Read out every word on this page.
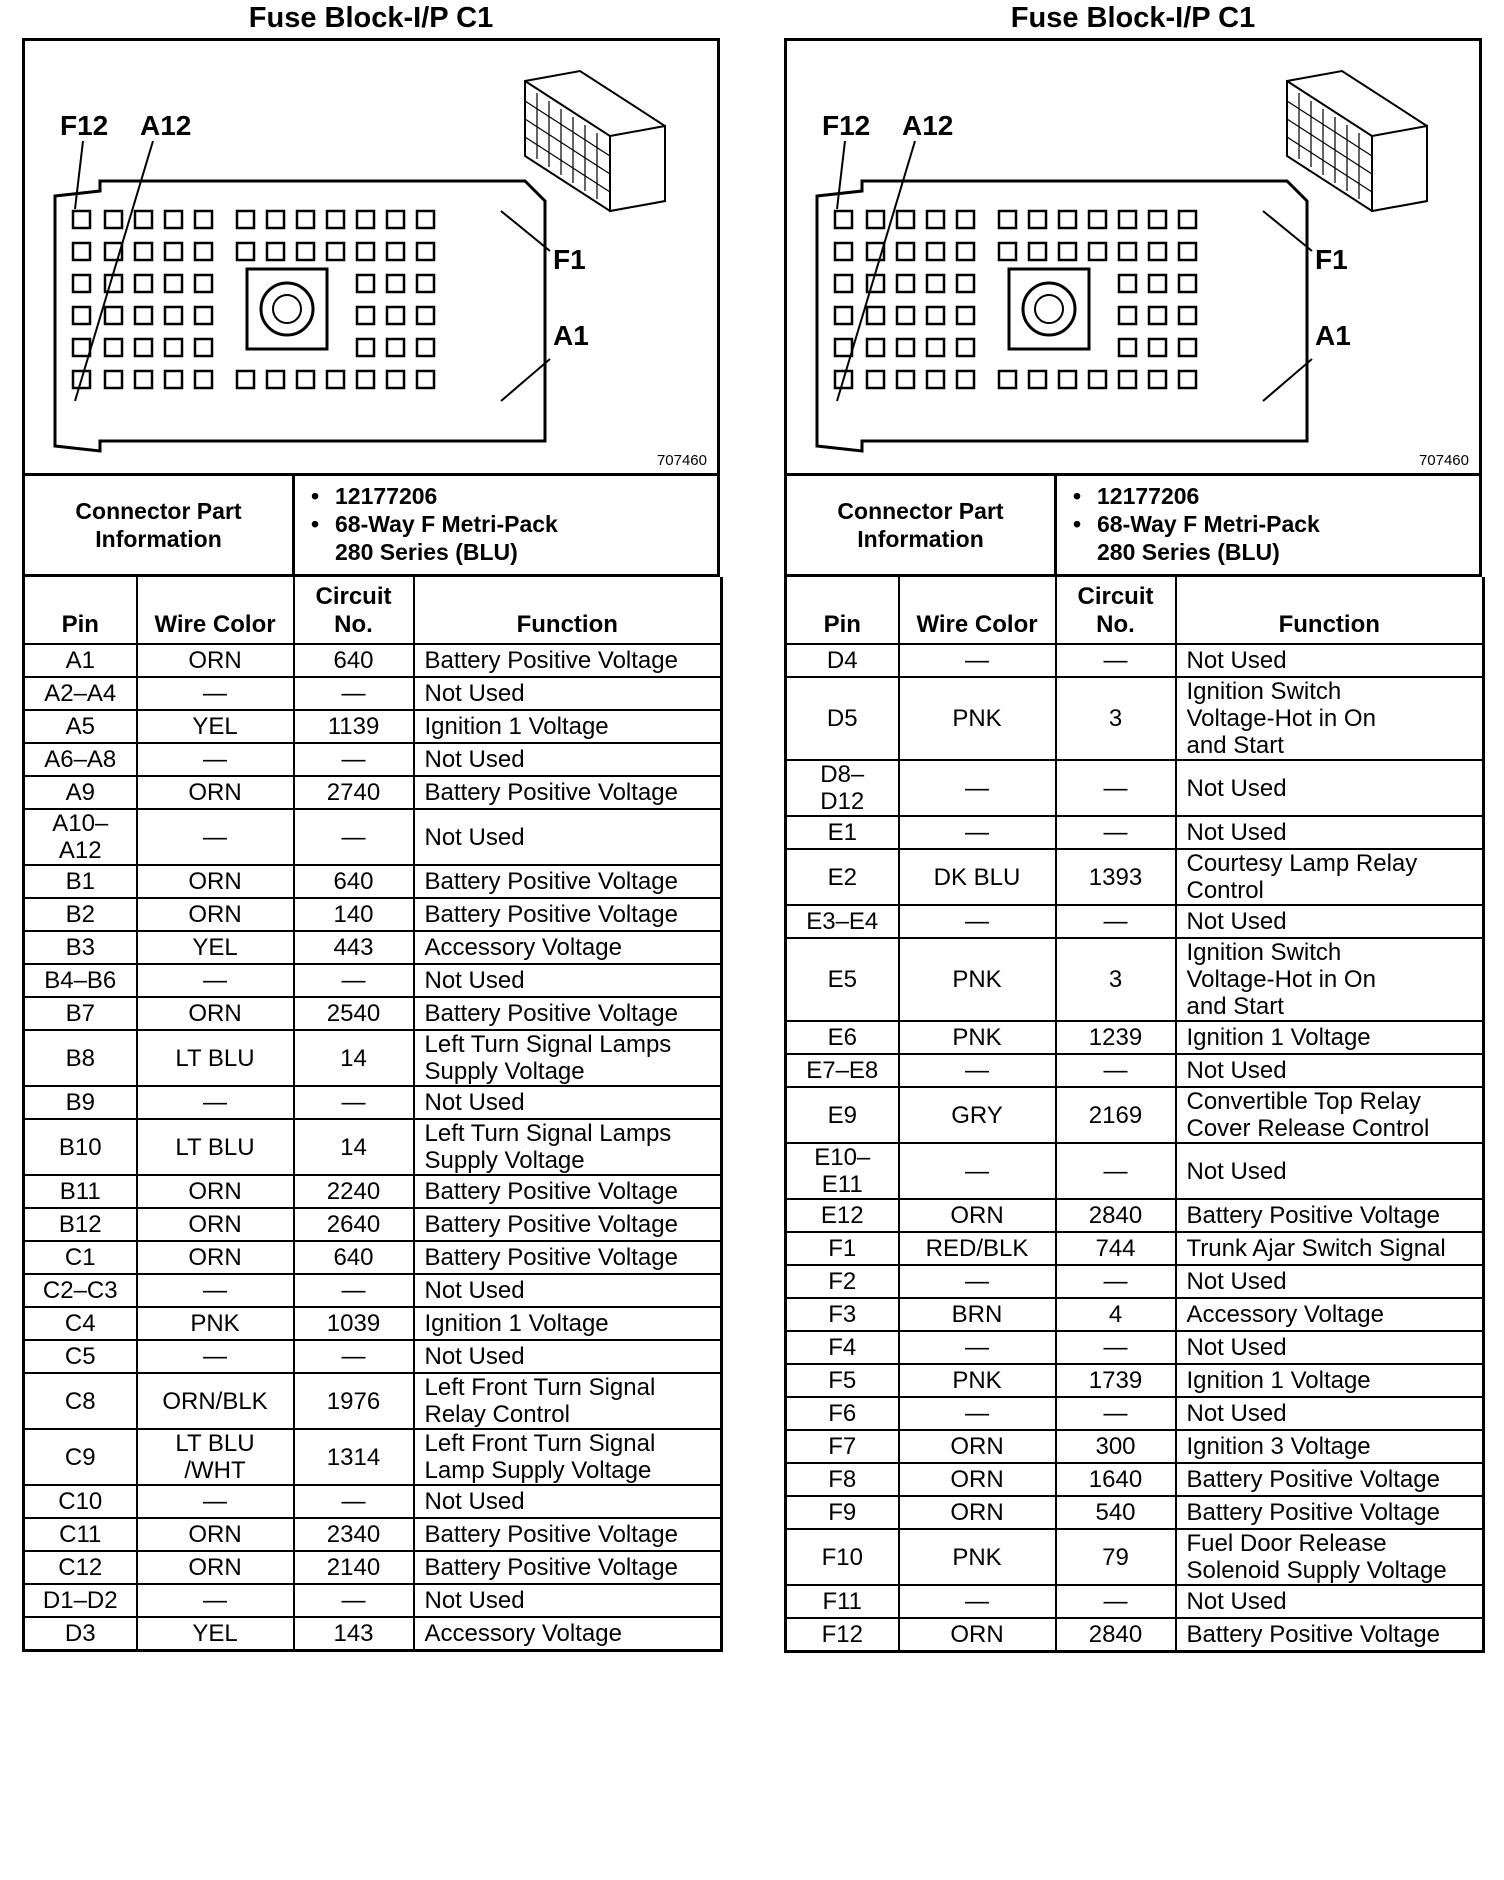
Fuse Block-I/P C1
F12 A12
F1
A1
707460
Connector Part Information
• 12177206
• 68-Way F Metri-Pack
280 Series (BLU)
Pin	Wire Color	Circuit No.	Function
A1	ORN	640	Battery Positive Voltage
A2–A4	—	—	Not Used
A5	YEL	1139	Ignition 1 Voltage
A6–A8	—	—	Not Used
A9	ORN	2740	Battery Positive Voltage
A10–
A12	—	—	Not Used
B1	ORN	640	Battery Positive Voltage
B2	ORN	140	Battery Positive Voltage
B3	YEL	443	Accessory Voltage
B4–B6	—	—	Not Used
B7	ORN	2540	Battery Positive Voltage
B8	LT BLU	14	Left Turn Signal Lamps
Supply Voltage
B9	—	—	Not Used
B10	LT BLU	14	Left Turn Signal Lamps
Supply Voltage
B11	ORN	2240	Battery Positive Voltage
B12	ORN	2640	Battery Positive Voltage
C1	ORN	640	Battery Positive Voltage
C2–C3	—	—	Not Used
C4	PNK	1039	Ignition 1 Voltage
C5	—	—	Not Used
C8	ORN/BLK	1976	Left Front Turn Signal
Relay Control
C9	LT BLU
/WHT	1314	Left Front Turn Signal
Lamp Supply Voltage
C10	—	—	Not Used
C11	ORN	2340	Battery Positive Voltage
C12	ORN	2140	Battery Positive Voltage
D1–D2	—	—	Not Used
D3	YEL	143	Accessory Voltage
Fuse Block-I/P C1
F12 A12
F1
A1
707460
Connector Part Information
• 12177206
• 68-Way F Metri-Pack
280 Series (BLU)
Pin	Wire Color	Circuit No.	Function
D4	—	—	Not Used
D5	PNK	3	Ignition Switch
Voltage-Hot in On
and Start
D8–
D12	—	—	Not Used
E1	—	—	Not Used
E2	DK BLU	1393	Courtesy Lamp Relay
Control
E3–E4	—	—	Not Used
E5	PNK	3	Ignition Switch
Voltage-Hot in On
and Start
E6	PNK	1239	Ignition 1 Voltage
E7–E8	—	—	Not Used
E9	GRY	2169	Convertible Top Relay
Cover Release Control
E10–
E11	—	—	Not Used
E12	ORN	2840	Battery Positive Voltage
F1	RED/BLK	744	Trunk Ajar Switch Signal
F2	—	—	Not Used
F3	BRN	4	Accessory Voltage
F4	—	—	Not Used
F5	PNK	1739	Ignition 1 Voltage
F6	—	—	Not Used
F7	ORN	300	Ignition 3 Voltage
F8	ORN	1640	Battery Positive Voltage
F9	ORN	540	Battery Positive Voltage
F10	PNK	79	Fuel Door Release
Solenoid Supply Voltage
F11	—	—	Not Used
F12	ORN	2840	Battery Positive Voltage
